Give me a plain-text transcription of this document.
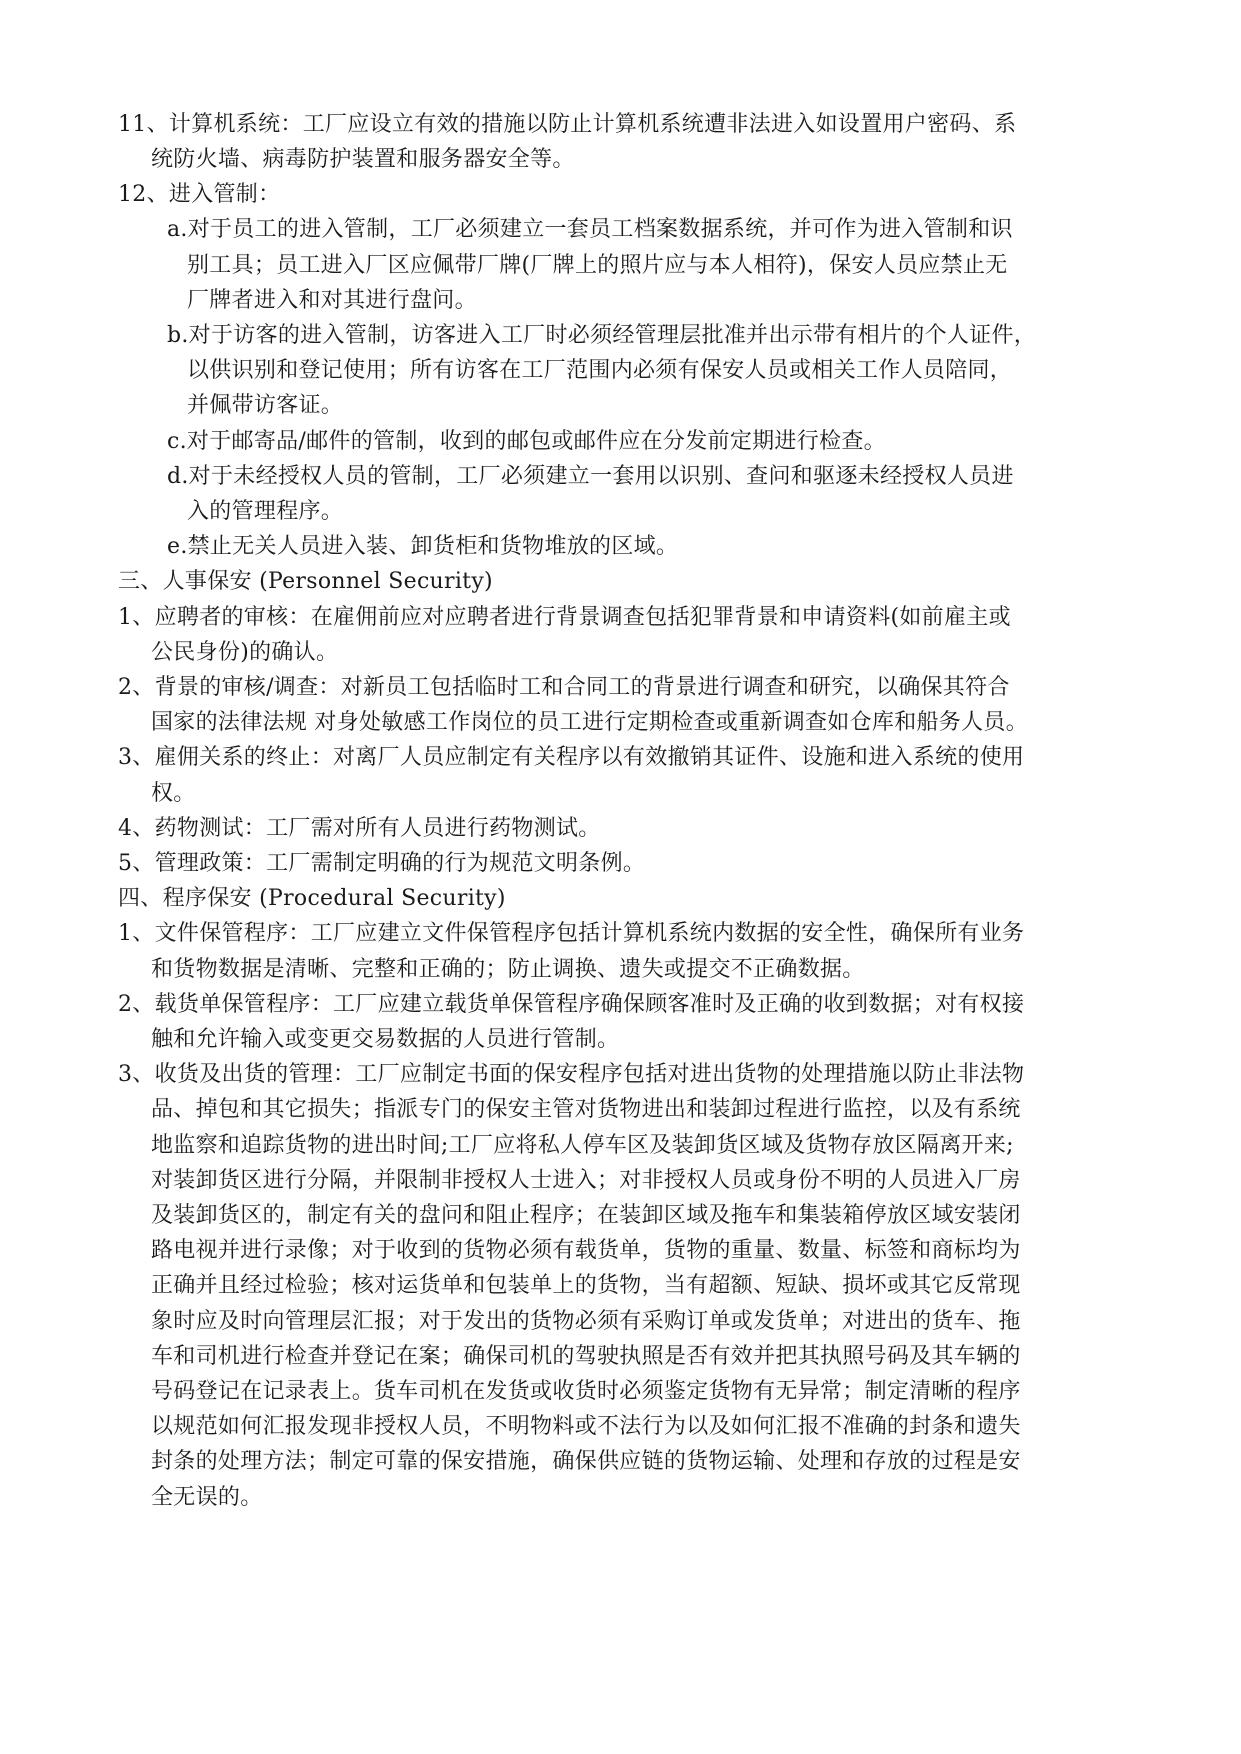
11、计算机系统：工厂应设立有效的措施以防止计算机系统遭非法进入如设置用户密码、系
统防火墙、病毒防护装置和服务器安全等。
12、进入管制：
a.对于员工的进入管制，工厂必须建立一套员工档案数据系统，并可作为进入管制和识
别工具；员工进入厂区应佩带厂牌(厂牌上的照片应与本人相符)，保安人员应禁止无
厂牌者进入和对其进行盘问。
b.对于访客的进入管制，访客进入工厂时必须经管理层批准并出示带有相片的个人证件，
以供识别和登记使用；所有访客在工厂范围内必须有保安人员或相关工作人员陪同，
并佩带访客证。
c.对于邮寄品/邮件的管制，收到的邮包或邮件应在分发前定期进行检查。
d.对于未经授权人员的管制，工厂必须建立一套用以识别、查问和驱逐未经授权人员进
入的管理程序。
e.禁止无关人员进入装、卸货柜和货物堆放的区域。
三、人事保安 (Personnel Security)
1、应聘者的审核：在雇佣前应对应聘者进行背景调查包括犯罪背景和申请资料(如前雇主或
公民身份)的确认。
2、背景的审核/调查：对新员工包括临时工和合同工的背景进行调查和研究，以确保其符合
国家的法律法规 对身处敏感工作岗位的员工进行定期检查或重新调查如仓库和船务人员。
3、雇佣关系的终止：对离厂人员应制定有关程序以有效撤销其证件、设施和进入系统的使用
权。
4、药物测试：工厂需对所有人员进行药物测试。
5、管理政策：工厂需制定明确的行为规范文明条例。
四、程序保安 (Procedural Security)
1、文件保管程序：工厂应建立文件保管程序包括计算机系统内数据的安全性，确保所有业务
和货物数据是清晰、完整和正确的；防止调换、遗失或提交不正确数据。
2、载货单保管程序：工厂应建立载货单保管程序确保顾客准时及正确的收到数据；对有权接
触和允许输入或变更交易数据的人员进行管制。
3、收货及出货的管理：工厂应制定书面的保安程序包括对进出货物的处理措施以防止非法物
品、掉包和其它损失；指派专门的保安主管对货物进出和装卸过程进行监控，以及有系统
地监察和追踪货物的进出时间;工厂应将私人停车区及装卸货区域及货物存放区隔离开来;
对装卸货区进行分隔，并限制非授权人士进入；对非授权人员或身份不明的人员进入厂房
及装卸货区的，制定有关的盘问和阻止程序；在装卸区域及拖车和集装箱停放区域安装闭
路电视并进行录像；对于收到的货物必须有载货单，货物的重量、数量、标签和商标均为
正确并且经过检验；核对运货单和包装单上的货物，当有超额、短缺、损坏或其它反常现
象时应及时向管理层汇报；对于发出的货物必须有采购订单或发货单；对进出的货车、拖
车和司机进行检查并登记在案；确保司机的驾驶执照是否有效并把其执照号码及其车辆的
号码登记在记录表上。货车司机在发货或收货时必须鉴定货物有无异常；制定清晰的程序
以规范如何汇报发现非授权人员，不明物料或不法行为以及如何汇报不准确的封条和遗失
封条的处理方法；制定可靠的保安措施，确保供应链的货物运输、处理和存放的过程是安
全无误的。
